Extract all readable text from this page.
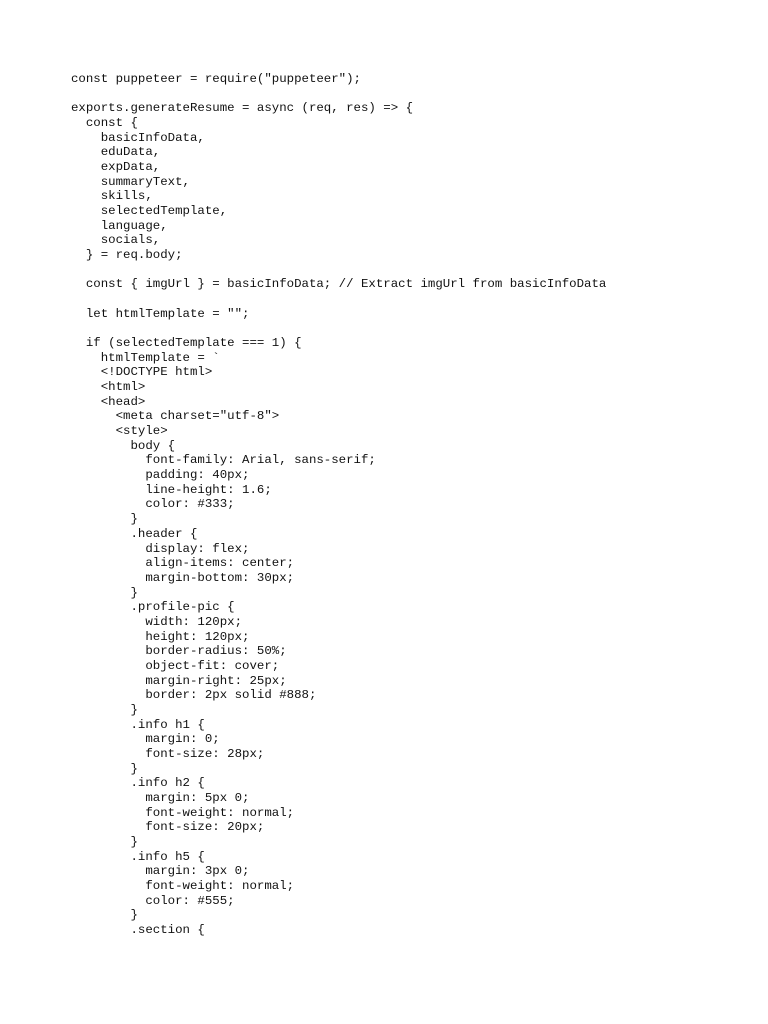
const puppeteer = require("puppeteer");
exports.generateResume = async (req, res) => {
const {
basicInfoData,
eduData,
expData,
summaryText,
skills,
selectedTemplate,
language,
socials,
} = req.body;
const { imgUrl } = basicInfoData; // Extract imgUrl from basicInfoData
let htmlTemplate = "";
if (selectedTemplate === 1) {
htmlTemplate = `
<!DOCTYPE html>
<html>
<head>
<meta charset="utf-8">
<style>
body {
font-family: Arial, sans-serif;
padding: 40px;
line-height: 1.6;
color: #333;
}
.header {
display: flex;
align-items: center;
margin-bottom: 30px;
}
.profile-pic {
width: 120px;
height: 120px;
border-radius: 50%;
object-fit: cover;
margin-right: 25px;
border: 2px solid #888;
}
.info h1 {
margin: 0;
font-size: 28px;
}
.info h2 {
margin: 5px 0;
font-weight: normal;
font-size: 20px;
}
.info h5 {
margin: 3px 0;
font-weight: normal;
color: #555;
}
.section {
